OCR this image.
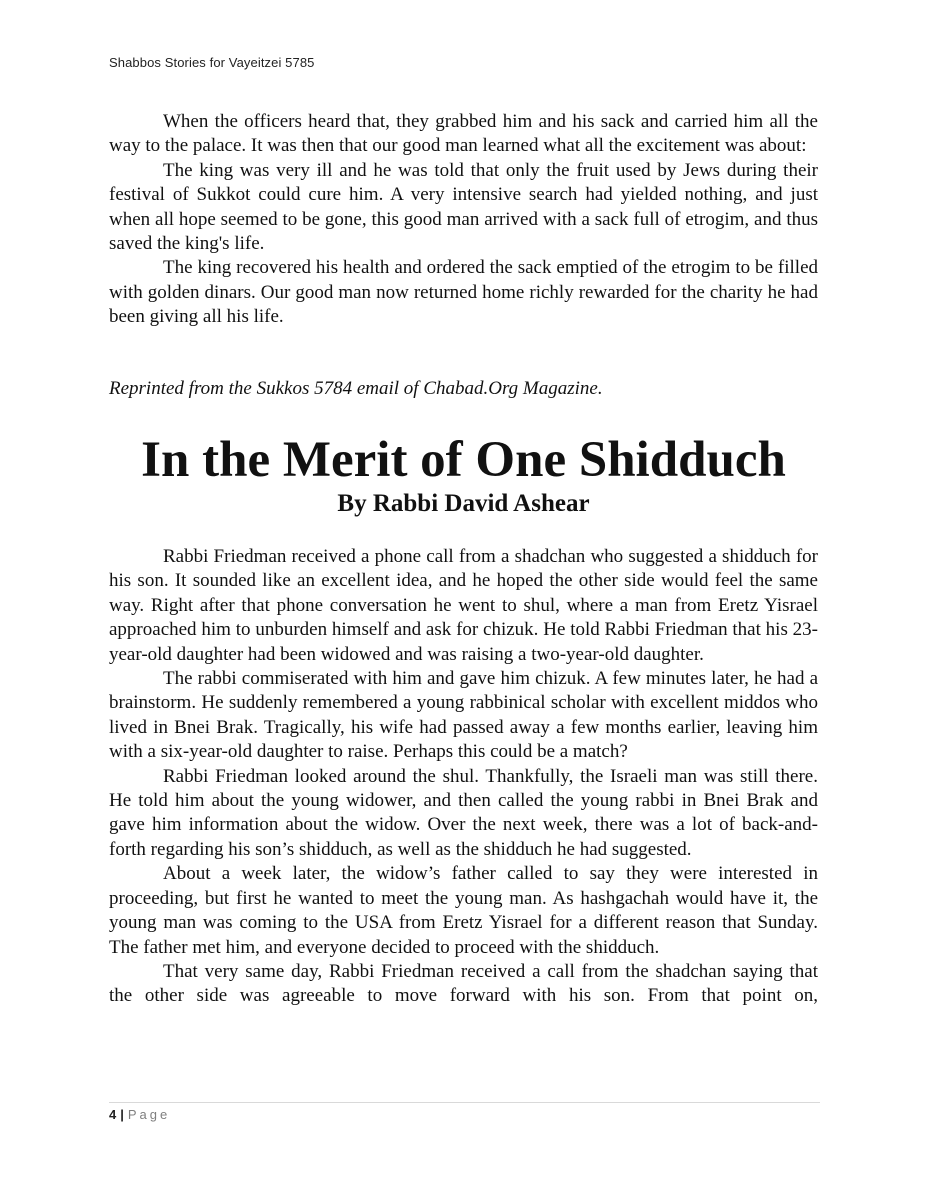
Shabbos Stories for Vayeitzei 5785

When the officers heard that, they grabbed him and his sack and carried him all the way to the palace. It was then that our good man learned what all the excitement was about:

The king was very ill and he was told that only the fruit used by Jews during their festival of Sukkot could cure him. A very intensive search had yielded nothing, and just when all hope seemed to be gone, this good man arrived with a sack full of etrogim, and thus saved the king's life.

The king recovered his health and ordered the sack emptied of the etrogim to be filled with golden dinars. Our good man now returned home richly rewarded for the charity he had been giving all his life.

Reprinted from the Sukkos 5784 email of Chabad.Org Magazine.
In the Merit of One Shidduch
By Rabbi David Ashear

Rabbi Friedman received a phone call from a shadchan who suggested a shidduch for his son. It sounded like an excellent idea, and he hoped the other side would feel the same way. Right after that phone conversation he went to shul, where a man from Eretz Yisrael approached him to unburden himself and ask for chizuk. He told Rabbi Friedman that his 23-year-old daughter had been widowed and was raising a two-year-old daughter.

The rabbi commiserated with him and gave him chizuk. A few minutes later, he had a brainstorm. He suddenly remembered a young rabbinical scholar with excellent middos who lived in Bnei Brak. Tragically, his wife had passed away a few months earlier, leaving him with a six-year-old daughter to raise. Perhaps this could be a match?

Rabbi Friedman looked around the shul. Thankfully, the Israeli man was still there. He told him about the young widower, and then called the young rabbi in Bnei Brak and gave him information about the widow. Over the next week, there was a lot of back-and-forth regarding his son’s shidduch, as well as the shidduch he had suggested.

About a week later, the widow’s father called to say they were interested in proceeding, but first he wanted to meet the young man. As hashgachah would have it, the young man was coming to the USA from Eretz Yisrael for a different reason that Sunday. The father met him, and everyone decided to proceed with the shidduch.

That very same day, Rabbi Friedman received a call from the shadchan saying that the other side was agreeable to move forward with his son. From that point on,

4 | Page
